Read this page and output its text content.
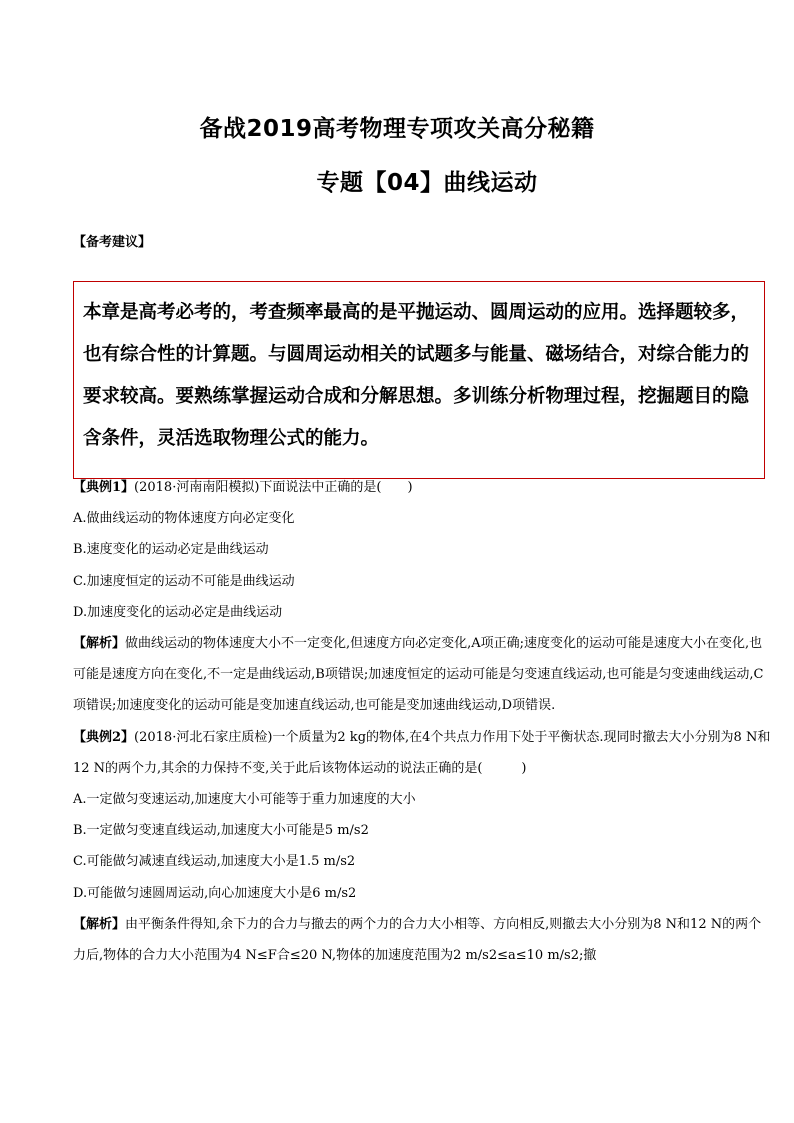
备战2019高考物理专项攻关高分秘籍
专题【04】曲线运动

【备考建议】

本章是高考必考的，考查频率最高的是平抛运动、圆周运动的应用。选择题较多，也有综合性的计算题。与圆周运动相关的试题多与能量、磁场结合，对综合能力的要求较高。要熟练掌握运动合成和分解思想。多训练分析物理过程，挖掘题目的隐含条件，灵活选取物理公式的能力。

【典例1】(2018·河南南阳模拟)下面说法中正确的是(　　)

A.做曲线运动的物体速度方向必定变化

B.速度变化的运动必定是曲线运动

C.加速度恒定的运动不可能是曲线运动

D.加速度变化的运动必定是曲线运动

【解析】做曲线运动的物体速度大小不一定变化,但速度方向必定变化,A项正确;速度变化的运动可能是速度大小在变化,也可能是速度方向在变化,不一定是曲线运动,B项错误;加速度恒定的运动可能是匀变速直线运动,也可能是匀变速曲线运动,C项错误;加速度变化的运动可能是变加速直线运动,也可能是变加速曲线运动,D项错误.

【典例2】(2018·河北石家庄质检)一个质量为2 kg的物体,在4个共点力作用下处于平衡状态.现同时撤去大小分别为8 N和12 N的两个力,其余的力保持不变,关于此后该物体运动的说法正确的是(　　　)

A.一定做匀变速运动,加速度大小可能等于重力加速度的大小

B.一定做匀变速直线运动,加速度大小可能是5 m/s2

C.可能做匀减速直线运动,加速度大小是1.5 m/s2

D.可能做匀速圆周运动,向心加速度大小是6 m/s2

【解析】由平衡条件得知,余下力的合力与撤去的两个力的合力大小相等、方向相反,则撤去大小分别为8 N和12 N的两个力后,物体的合力大小范围为4 N≤F合≤20 N,物体的加速度范围为2 m/s2≤a≤10 m/s2;撤
